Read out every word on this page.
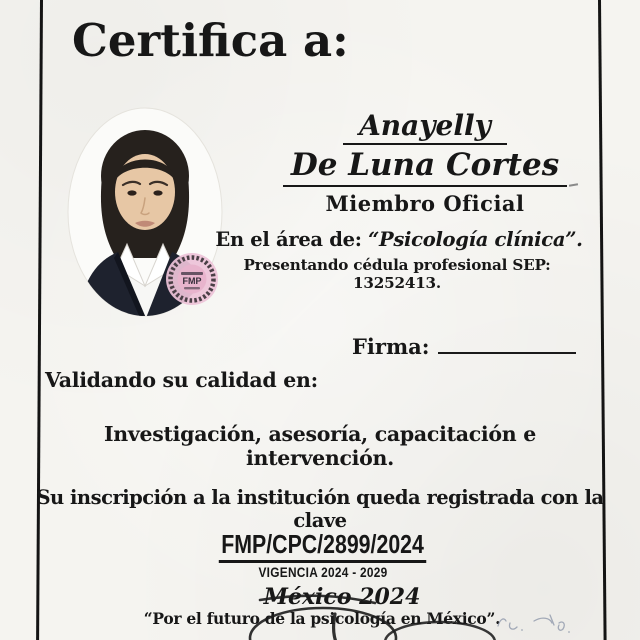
Certifica a:
FMP
Anayelly
De Luna Cortes
Miembro Oficial
En el área de: “Psicología clínica”.
Presentando cédula profesional SEP: 13252413.
Firma:
Validando su calidad en:
Investigación, asesoría, capacitación e intervención.
Su inscripción a la institución queda registrada con la clave
FMP/CPC/2899/2024
VIGENCIA 2024 - 2029
México 2024
“Por el futuro de la psicología en México”.
